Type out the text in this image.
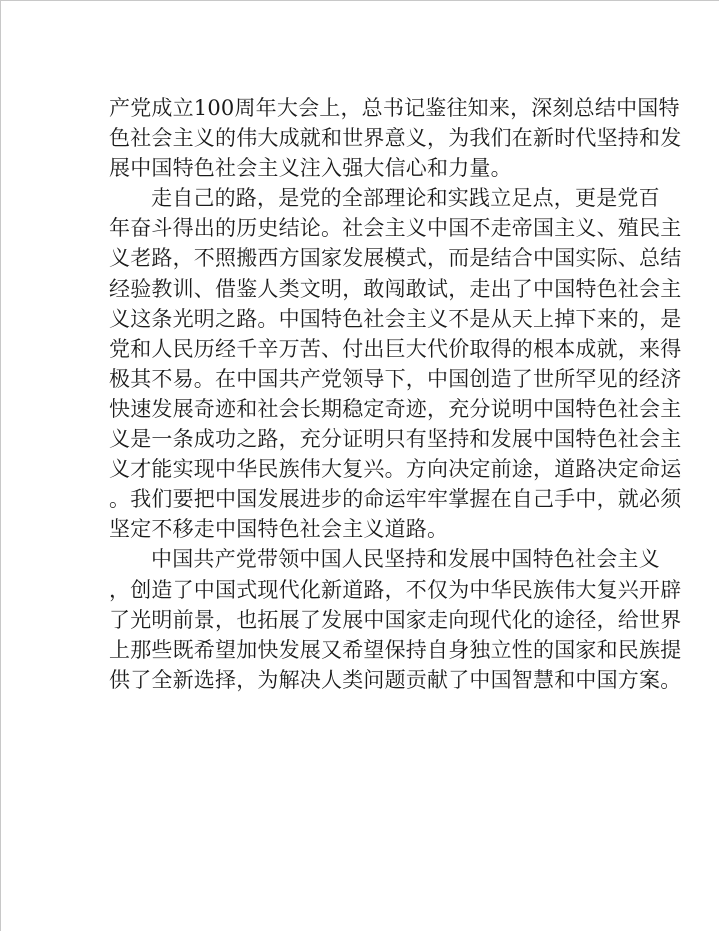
产党成立100周年大会上，总书记鉴往知来，深刻总结中国特
色社会主义的伟大成就和世界意义，为我们在新时代坚持和发
展中国特色社会主义注入强大信心和力量。
走自己的路，是党的全部理论和实践立足点，更是党百
年奋斗得出的历史结论。社会主义中国不走帝国主义、殖民主
义老路，不照搬西方国家发展模式，而是结合中国实际、总结
经验教训、借鉴人类文明，敢闯敢试，走出了中国特色社会主
义这条光明之路。中国特色社会主义不是从天上掉下来的，是
党和人民历经千辛万苦、付出巨大代价取得的根本成就，来得
极其不易。在中国共产党领导下，中国创造了世所罕见的经济
快速发展奇迹和社会长期稳定奇迹，充分说明中国特色社会主
义是一条成功之路，充分证明只有坚持和发展中国特色社会主
义才能实现中华民族伟大复兴。方向决定前途，道路决定命运
。我们要把中国发展进步的命运牢牢掌握在自己手中，就必须
坚定不移走中国特色社会主义道路。
中国共产党带领中国人民坚持和发展中国特色社会主义
，创造了中国式现代化新道路，不仅为中华民族伟大复兴开辟
了光明前景，也拓展了发展中国家走向现代化的途径，给世界
上那些既希望加快发展又希望保持自身独立性的国家和民族提
供了全新选择，为解决人类问题贡献了中国智慧和中国方案。
